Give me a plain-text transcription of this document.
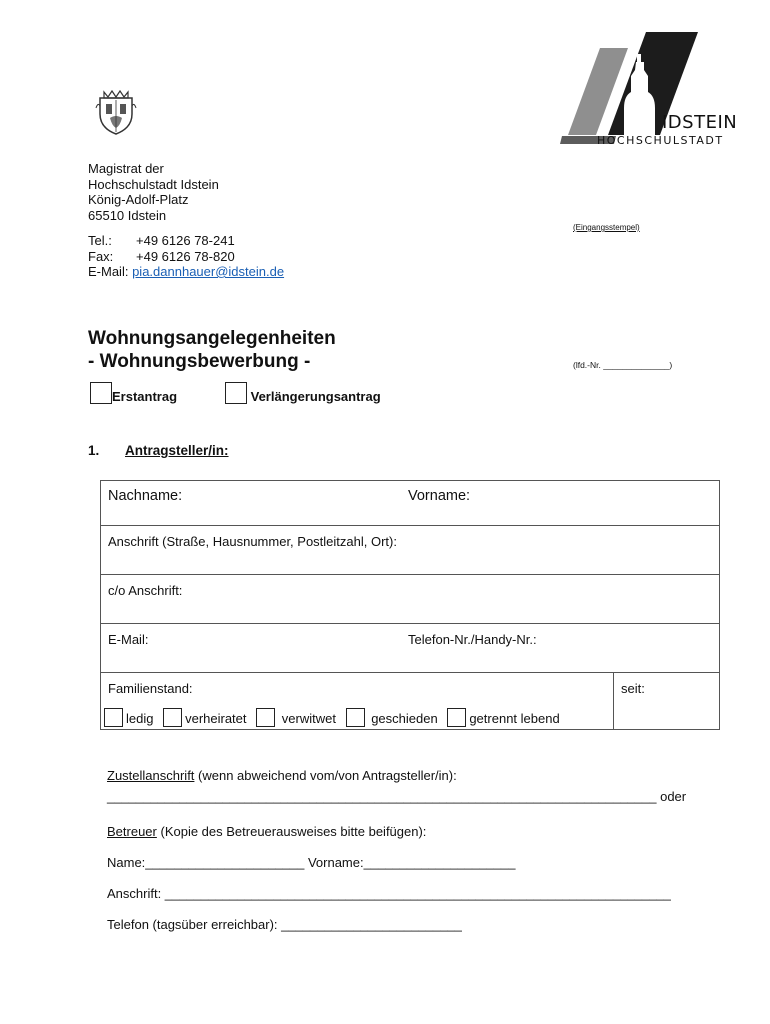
IDSTEIN
HOCHSCHULSTADT
Magistrat der
Hochschulstadt Idstein
König-Adolf-Platz
65510 Idstein
Tel.: +49 6126 78-241
Fax: +49 6126 78-820
E-Mail: pia.dannhauer@idstein.de
(Eingangsstempel)
Wohnungsangelegenheiten
- Wohnungsbewerbung -	(lfd.-Nr. ______________)
Erstantrag	Verlängerungsantrag
1. Antragsteller/in:
Nachname:	Vorname:

Anschrift (Straße, Hausnummer, Postleitzahl, Ort):

c/o Anschrift:

E-Mail:	Telefon-Nr./Handy-Nr.:

Familienstand:
ledig verheiratet	verwitwet	geschieden getrennt lebend

seit:
Zustellanschrift (wenn abweichend vom/von Antragsteller/in):
____________________________________________________________________________ oder
Betreuer (Kopie des Betreuerausweises bitte beifügen):
Name:______________________ Vorname:_____________________
Anschrift: ______________________________________________________________________
Telefon (tagsüber erreichbar): _________________________
